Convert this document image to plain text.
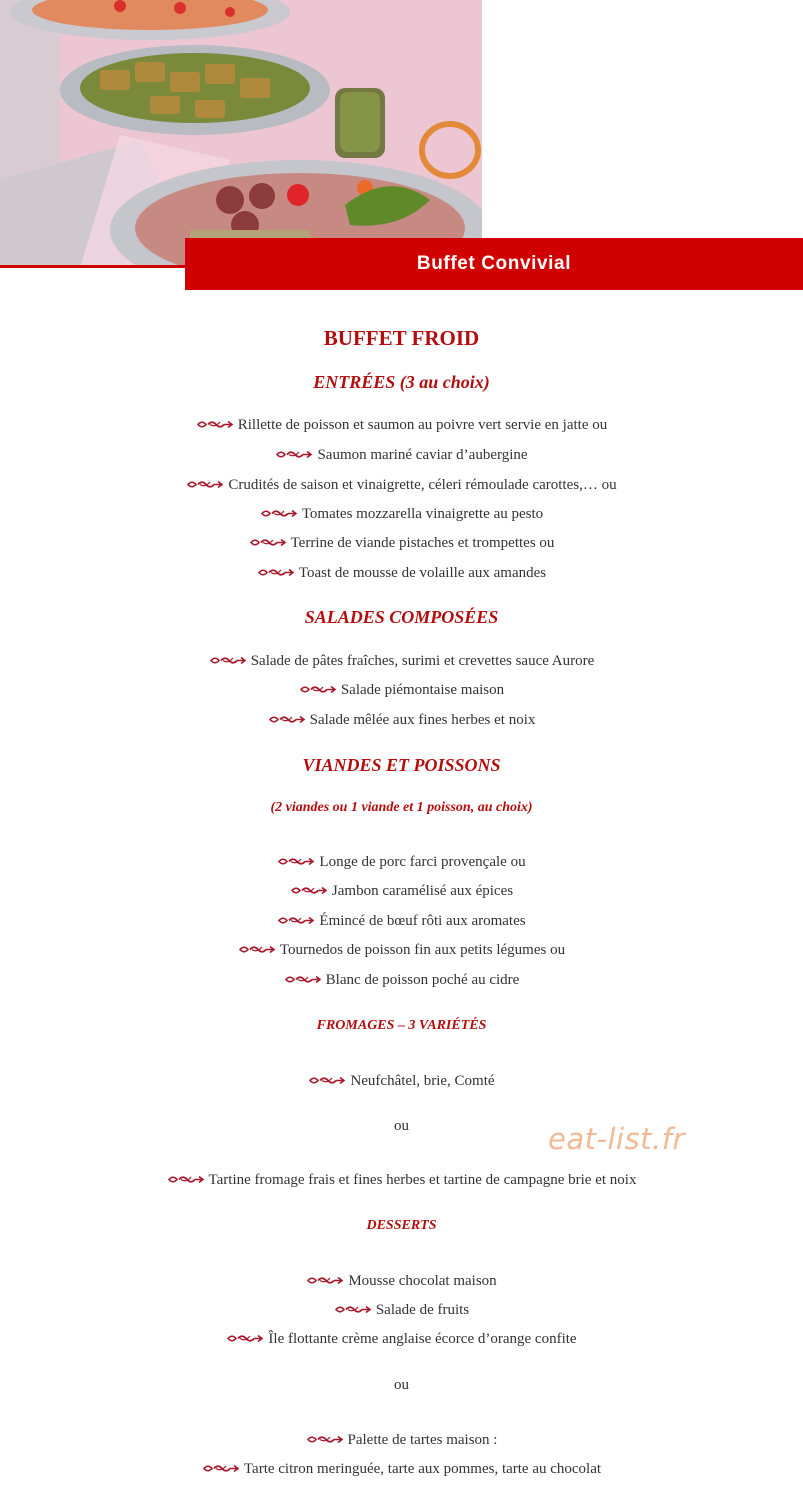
Buffet Convivial
BUFFET FROID
ENTRÉES (3 au choix)
Rillette de poisson et saumon au poivre vert servie en jatte ou
Saumon mariné caviar d’aubergine
Crudités de saison et vinaigrette, céleri rémoulade carottes,… ou
Tomates mozzarella vinaigrette au pesto
Terrine de viande pistaches et trompettes ou
Toast de mousse de volaille aux amandes
SALADES COMPOSÉES
Salade de pâtes fraîches, surimi et crevettes sauce Aurore
Salade piémontaise maison
Salade mêlée aux fines herbes et noix
VIANDES ET POISSONS
(2 viandes ou 1 viande et 1 poisson, au choix)
Longe de porc farci provençale ou
Jambon caramélisé aux épices
Émincé de bœuf rôti aux aromates
Tournedos de poisson fin aux petits légumes ou
Blanc de poisson poché au cidre
FROMAGES – 3 VARIÉTÉS
Neufchâtel, brie, Comté
ou
Tartine fromage frais et fines herbes et tartine de campagne brie et noix
DESSERTS
Mousse chocolat maison
Salade de fruits
Île flottante crème anglaise écorce d’orange confite
ou
Palette de tartes maison :
Tarte citron meringuée, tarte aux pommes, tarte au chocolat
eat-list.fr
